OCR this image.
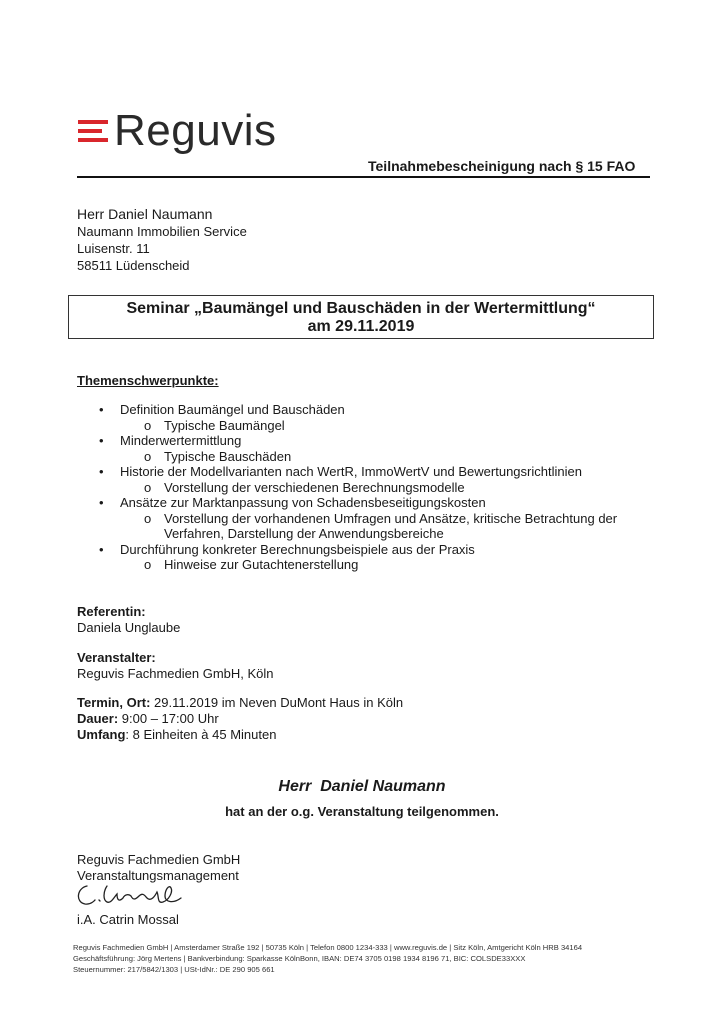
Reguvis
Teilnahmebescheinigung nach § 15 FAO
Herr Daniel Naumann
Naumann Immobilien Service
Luisenstr. 11
58511 Lüdenscheid
Seminar „Baumängel und Bauschäden in der Wertermittlung“
am 29.11.2019
Themenschwerpunkte:
• Definition Baumängel und Bauschäden
o Typische Baumängel
• Minderwertermittlung
o Typische Bauschäden
• Historie der Modellvarianten nach WertR, ImmoWertV und Bewertungsrichtlinien
o Vorstellung der verschiedenen Berechnungsmodelle
• Ansätze zur Marktanpassung von Schadensbeseitigungskosten
o Vorstellung der vorhandenen Umfragen und Ansätze, kritische Betrachtung der Verfahren, Darstellung der Anwendungsbereiche
• Durchführung konkreter Berechnungsbeispiele aus der Praxis
o Hinweise zur Gutachtenerstellung
Referentin:
Daniela Unglaube
Veranstalter:
Reguvis Fachmedien GmbH, Köln
Termin, Ort: 29.11.2019 im Neven DuMont Haus in Köln
Dauer: 9:00 – 17:00 Uhr
Umfang: 8 Einheiten à 45 Minuten
Herr  Daniel Naumann
hat an der o.g. Veranstaltung teilgenommen.
Reguvis Fachmedien GmbH
Veranstaltungsmanagement
i.A. Catrin Mossal
Reguvis Fachmedien GmbH | Amsterdamer Straße 192 | 50735 Köln | Telefon 0800 1234-333 | www.reguvis.de | Sitz Köln, Amtgericht Köln HRB 34164
Geschäftsführung: Jörg Mertens | Bankverbindung: Sparkasse KölnBonn, IBAN: DE74 3705 0198 1934 8196 71, BIC: COLSDE33XXX
Steuernummer: 217/5842/1303 | USt-IdNr.: DE 290 905 661
